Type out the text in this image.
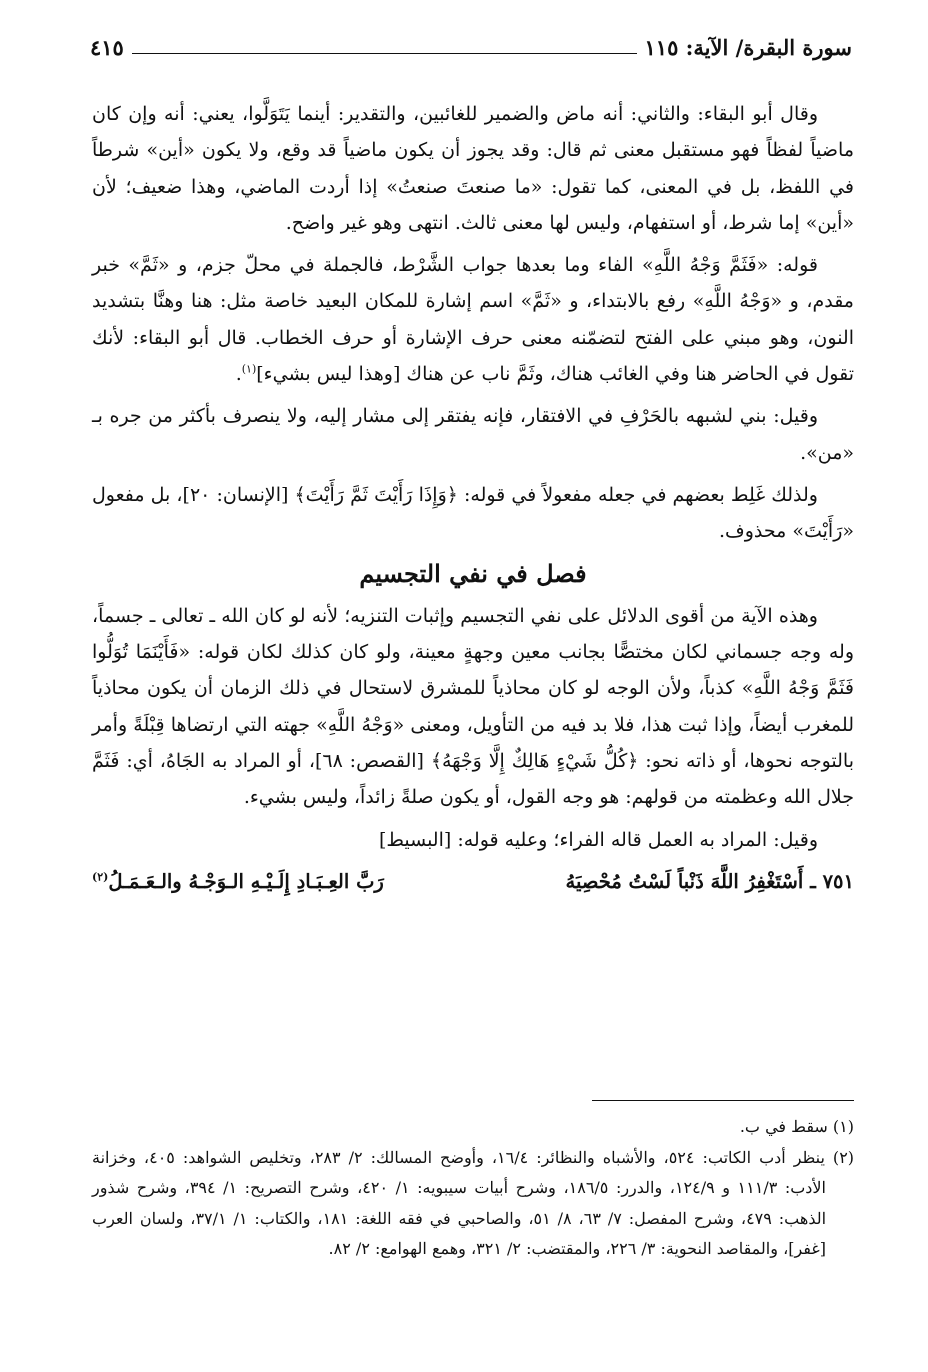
سورة البقرة/ الآية: ١١٥
٤١٥

وقال أبو البقاء: والثاني: أنه ماض والضمير للغائبين، والتقدير: أينما يَتَوَلَّوا، يعني: أنه وإن كان ماضياً لفظاً فهو مستقبل معنى ثم قال: وقد يجوز أن يكون ماضياً قد وقع، ولا يكون «أين» شرطاً في اللفظ، بل في المعنى، كما تقول: «ما صنعتَ صنعتُ» إذا أردت الماضي، وهذا ضعيف؛ لأن «أين» إما شرط، أو استفهام، وليس لها معنى ثالث. انتهى وهو غير واضح.

قوله: «فَثَمَّ وَجْهُ اللَّهِ» الفاء وما بعدها جواب الشَّرْط، فالجملة في محلّ جزم، و «ثَمَّ» خبر مقدم، و «وَجْهُ اللَّهِ» رفع بالابتداء، و «ثَمَّ» اسم إشارة للمكان البعيد خاصة مثل: هنا وهنَّا بتشديد النون، وهو مبني على الفتح لتضمّنه معنى حرف الإشارة أو حرف الخطاب. قال أبو البقاء: لأنك تقول في الحاضر هنا وفي الغائب هناك، وثَمَّ ناب عن هناك [وهذا ليس بشيء]$^{(١)}$.

وقيل: بني لشبهه بالحَرْفِ في الافتقار، فإنه يفتقر إلى مشار إليه، ولا ينصرف بأكثر من جره بـ «من».

ولذلك غَلِط بعضهم في جعله مفعولاً في قوله: ﴿وَإِذَا رَأَيْتَ ثَمَّ رَأَيْتَ﴾ [الإنسان: ٢٠]، بل مفعول «رَأَيْتَ» محذوف.

فصل في نفي التجسيم

وهذه الآية من أقوى الدلائل على نفي التجسيم وإثبات التنزيه؛ لأنه لو كان الله ـ تعالى ـ جسماً، وله وجه جسماني لكان مختصًّا بجانب معين وجهةٍ معينة، ولو كان كذلك لكان قوله: «فَأَيْنَمَا تُوَلُّوا فَثَمَّ وَجْهُ اللَّهِ» كذباً، ولأن الوجه لو كان محاذياً للمشرق لاستحال في ذلك الزمان أن يكون محاذياً للمغرب أيضاً، وإذا ثبت هذا، فلا بد فيه من التأويل، ومعنى «وَجْهُ اللَّهِ» جهته التي ارتضاها قِبْلَةً وأمر بالتوجه نحوها، أو ذاته نحو: ﴿كُلُّ شَيْءٍ هَالِكٌ إِلَّا وَجْهَهُ﴾ [القصص: ٦٨]، أو المراد به الجَاهُ، أي: فَثَمَّ جلال الله وعظمته من قولهم: هو وجه القول، أو يكون صلةً زائداً، وليس بشيء.

وقيل: المراد به العمل قاله الفراء؛ وعليه قوله: [البسيط]

٧٥١ ـ أَسْتَغْفِرُ اللَّهَ ذَنْباً لَسْتُ مُحْصِيَهُ
رَبَّ العِـبَـادِ إِلَـيْـهِ الـوَجْـهُ والـعَـمَـلُ$^{(٢)}$

(١) سقط في ب.

(٢) ينظر أدب الكاتب: ٥٢٤، والأشباه والنظائر: ١٦/٤، وأوضح المسالك: ٢/ ٢٨٣، وتخليص الشواهد: ٤٠٥، وخزانة الأدب: ١١١/٣ و ١٢٤/٩، والدرر: ١٨٦/٥، وشرح أبيات سيبويه: ١/ ٤٢٠، وشرح التصريح: ١/ ٣٩٤، وشرح شذور الذهب: ٤٧٩، وشرح المفصل: ٧/ ٦٣، ٨/ ٥١، والصاحبي في فقه اللغة: ١٨١، والكتاب: ١/ ٣٧/١، ولسان العرب [غفر]، والمقاصد النحوية: ٣/ ٢٢٦، والمقتضب: ٢/ ٣٢١، وهمع الهوامع: ٢/ ٨٢.
